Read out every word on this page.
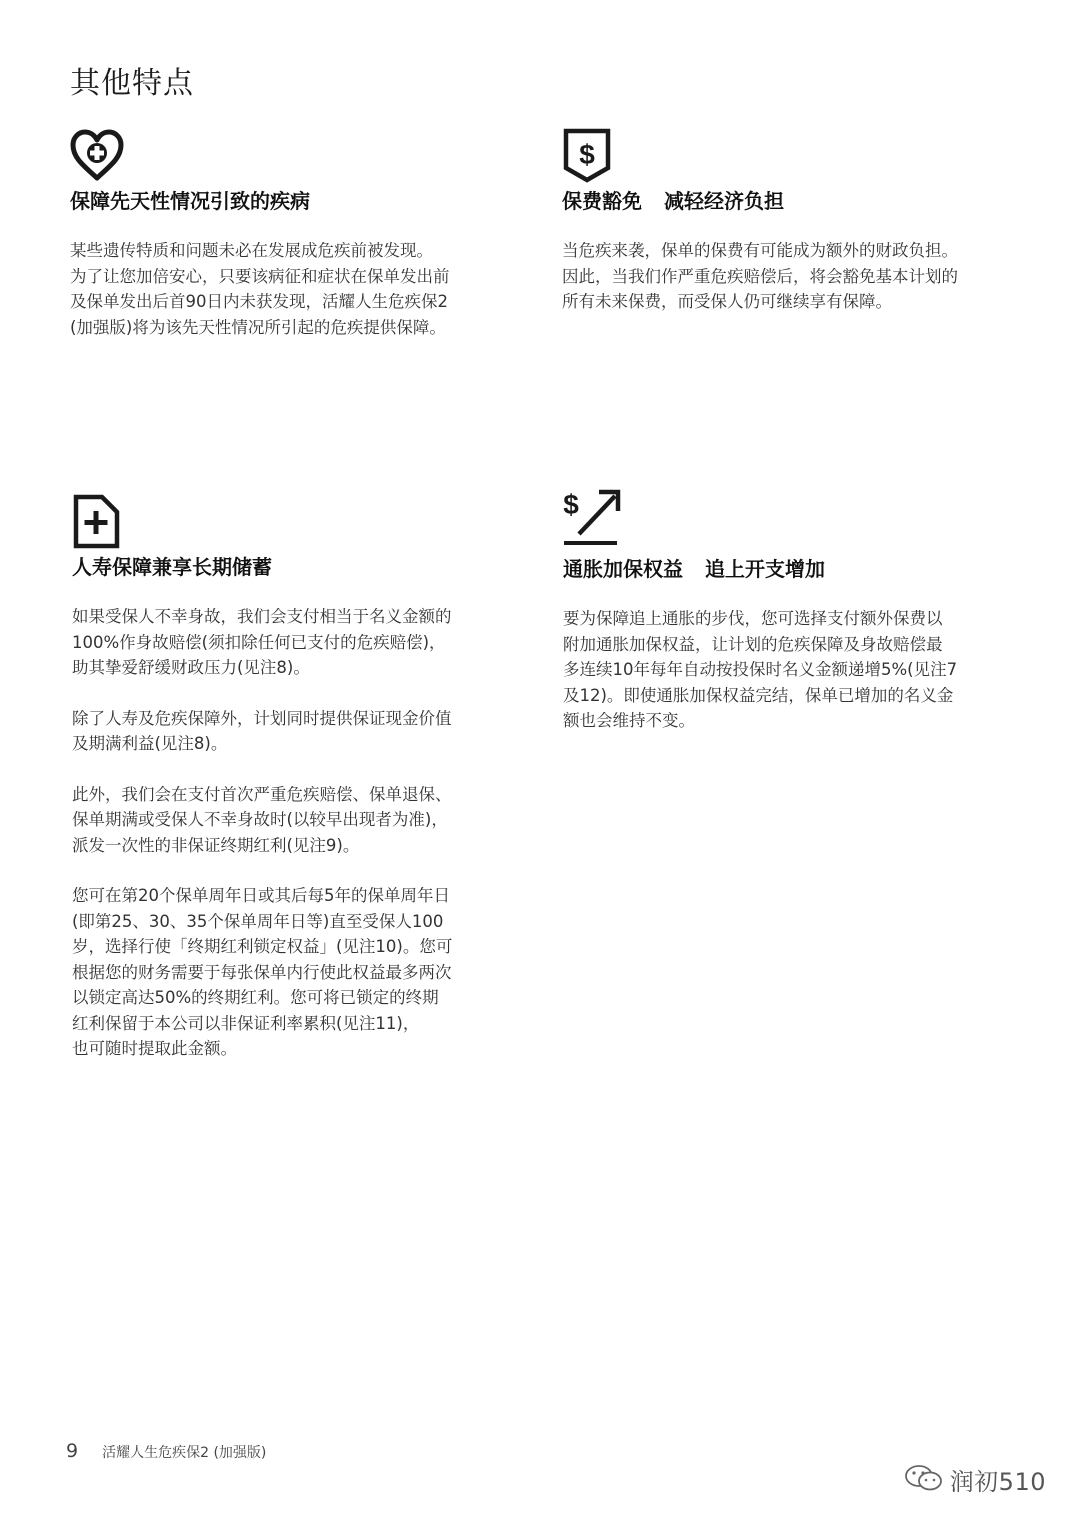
其他特点
保障先天性情况引致的疾病

某些遗传特质和问题未必在发展成危疾前被发现。
为了让您加倍安心，只要该病征和症状在保单发出前
及保单发出后首90日内未获发现，活耀人生危疾保2
(加强版)将为该先天性情况所引起的危疾提供保障。

$
保费豁免 减轻经济负担

当危疾来袭，保单的保费有可能成为额外的财政负担。
因此，当我们作严重危疾赔偿后，将会豁免基本计划的
所有未来保费，而受保人仍可继续享有保障。

人寿保障兼享长期储蓄

如果受保人不幸身故，我们会支付相当于名义金额的
100%作身故赔偿(须扣除任何已支付的危疾赔偿)，
助其挚爱舒缓财政压力(见注8)。

除了人寿及危疾保障外，计划同时提供保证现金价值
及期满利益(见注8)。

此外，我们会在支付首次严重危疾赔偿、保单退保、
保单期满或受保人不幸身故时(以较早出现者为准)，
派发一次性的非保证终期红利(见注9)。

您可在第20个保单周年日或其后每5年的保单周年日
(即第25、30、35个保单周年日等)直至受保人100
岁，选择行使「终期红利锁定权益」(见注10)。您可
根据您的财务需要于每张保单内行使此权益最多两次
以锁定高达50%的终期红利。您可将已锁定的终期
红利保留于本公司以非保证利率累积(见注11)，
也可随时提取此金额。

$
通胀加保权益 追上开支增加

要为保障追上通胀的步伐，您可选择支付额外保费以
附加通胀加保权益，让计划的危疾保障及身故赔偿最
多连续10年每年自动按投保时名义金额递增5%(见注7
及12)。即使通胀加保权益完结，保单已增加的名义金
额也会维持不变。

9 活耀人生危疾保2 (加强版)
润初510
